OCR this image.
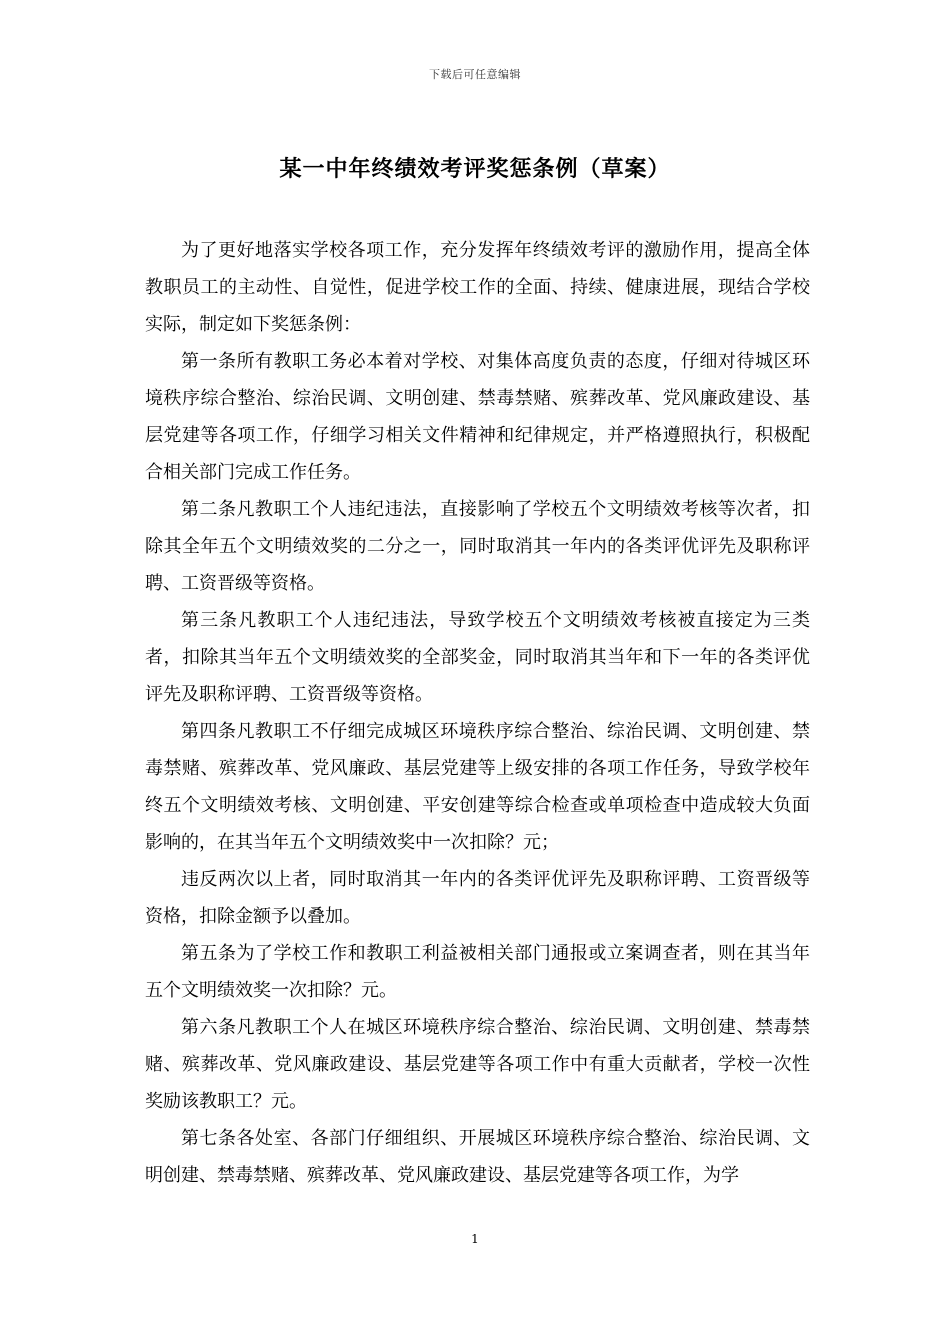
下载后可任意编辑
某一中年终绩效考评奖惩条例（草案）

为了更好地落实学校各项工作，充分发挥年终绩效考评的激励作用，提高全体教职员工的主动性、自觉性，促进学校工作的全面、持续、健康进展，现结合学校实际，制定如下奖惩条例：

第一条所有教职工务必本着对学校、对集体高度负责的态度，仔细对待城区环境秩序综合整治、综治民调、文明创建、禁毒禁赌、殡葬改革、党风廉政建设、基层党建等各项工作，仔细学习相关文件精神和纪律规定，并严格遵照执行，积极配合相关部门完成工作任务。

第二条凡教职工个人违纪违法，直接影响了学校五个文明绩效考核等次者，扣除其全年五个文明绩效奖的二分之一，同时取消其一年内的各类评优评先及职称评聘、工资晋级等资格。

第三条凡教职工个人违纪违法，导致学校五个文明绩效考核被直接定为三类者，扣除其当年五个文明绩效奖的全部奖金，同时取消其当年和下一年的各类评优评先及职称评聘、工资晋级等资格。

第四条凡教职工不仔细完成城区环境秩序综合整治、综治民调、文明创建、禁毒禁赌、殡葬改革、党风廉政、基层党建等上级安排的各项工作任务，导致学校年终五个文明绩效考核、文明创建、平安创建等综合检查或单项检查中造成较大负面影响的，在其当年五个文明绩效奖中一次扣除？元；

违反两次以上者，同时取消其一年内的各类评优评先及职称评聘、工资晋级等资格，扣除金额予以叠加。

第五条为了学校工作和教职工利益被相关部门通报或立案调查者，则在其当年五个文明绩效奖一次扣除？元。

第六条凡教职工个人在城区环境秩序综合整治、综治民调、文明创建、禁毒禁赌、殡葬改革、党风廉政建设、基层党建等各项工作中有重大贡献者，学校一次性奖励该教职工？元。

第七条各处室、各部门仔细组织、开展城区环境秩序综合整治、综治民调、文明创建、禁毒禁赌、殡葬改革、党风廉政建设、基层党建等各项工作，为学

1
